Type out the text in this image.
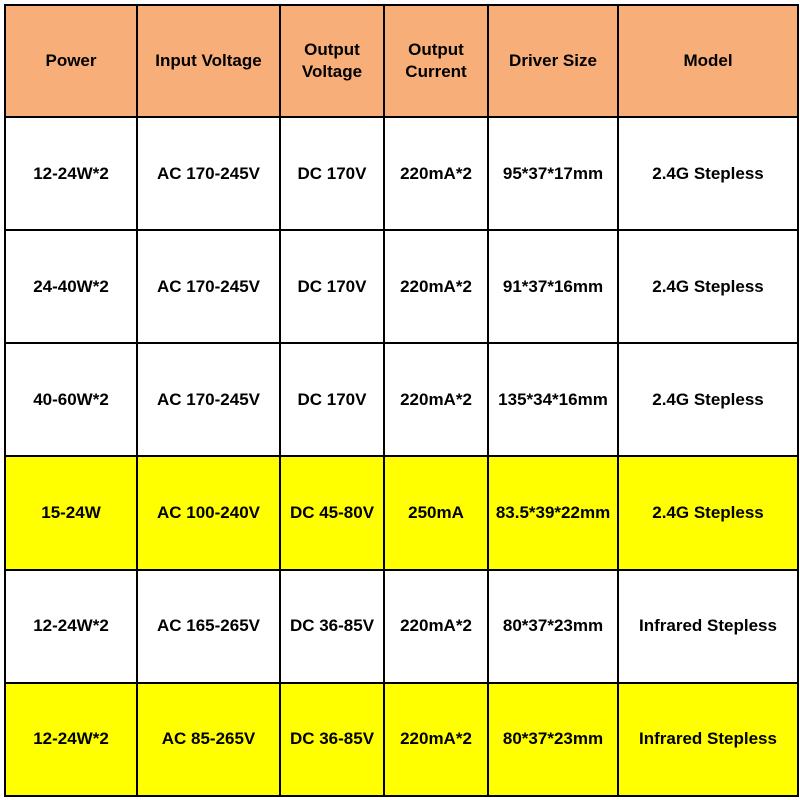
Power	Input Voltage	Output Voltage	Output Current	Driver Size	Model
12-24W*2	AC 170-245V	DC 170V	220mA*2	95*37*17mm	2.4G Stepless
24-40W*2	AC 170-245V	DC 170V	220mA*2	91*37*16mm	2.4G Stepless
40-60W*2	AC 170-245V	DC 170V	220mA*2	135*34*16mm	2.4G Stepless
15-24W	AC 100-240V	DC 45-80V	250mA	83.5*39*22mm	2.4G Stepless
12-24W*2	AC 165-265V	DC 36-85V	220mA*2	80*37*23mm	Infrared Stepless
12-24W*2	AC 85-265V	DC 36-85V	220mA*2	80*37*23mm	Infrared Stepless
